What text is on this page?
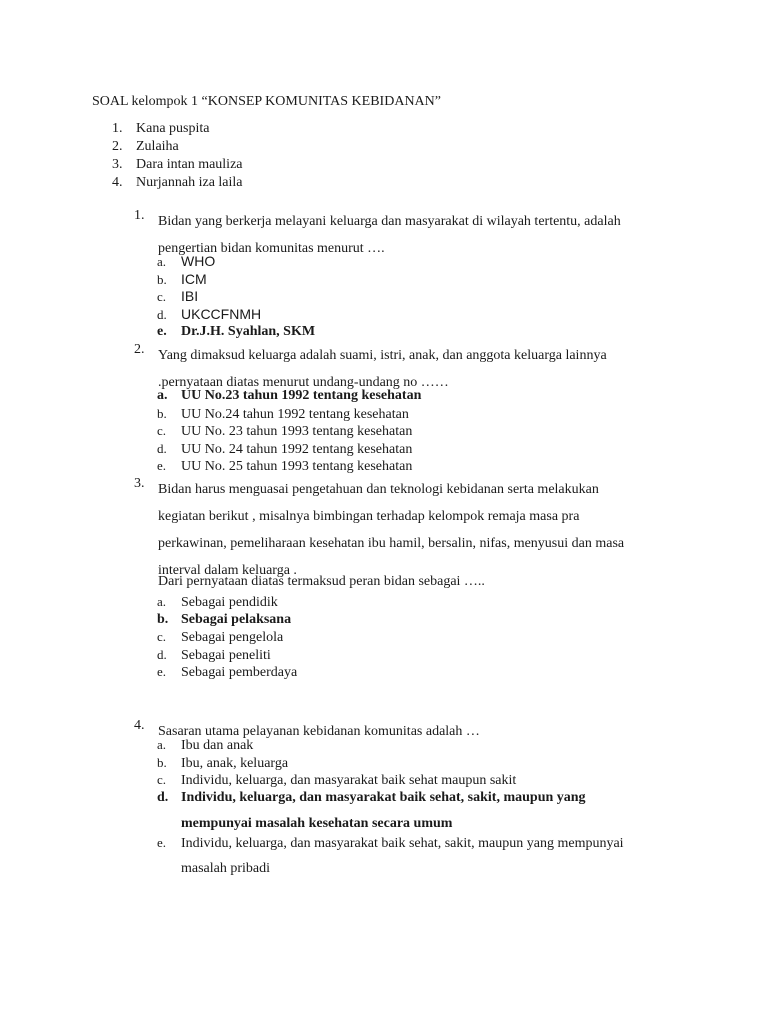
SOAL kelompok 1 “KONSEP KOMUNITAS KEBIDANAN”
1. Kana puspita
2. Zulaiha
3. Dara intan mauliza
4. Nurjannah iza laila
1. Bidan yang berkerja melayani keluarga dan masyarakat di wilayah tertentu, adalah
pengertian bidan komunitas menurut ….
a. WHO
b. ICM
c. IBI
d. UKCCFNMH
e. Dr.J.H. Syahlan, SKM
2. Yang dimaksud keluarga adalah suami, istri, anak, dan anggota keluarga lainnya
.pernyataan diatas menurut undang-undang no ……
a. UU No.23 tahun 1992 tentang kesehatan
b. UU No.24 tahun 1992 tentang kesehatan
c. UU No. 23 tahun 1993 tentang kesehatan
d. UU No. 24 tahun 1992 tentang kesehatan
e. UU No. 25 tahun 1993 tentang kesehatan
3. Bidan harus menguasai pengetahuan dan teknologi kebidanan serta melakukan
kegiatan berikut , misalnya bimbingan terhadap kelompok remaja masa pra
perkawinan, pemeliharaan kesehatan ibu hamil, bersalin, nifas, menyusui dan masa
interval dalam keluarga .
Dari pernyataan diatas termaksud peran bidan sebagai …..
a. Sebagai pendidik
b. Sebagai pelaksana
c. Sebagai pengelola
d. Sebagai peneliti
e. Sebagai pemberdaya
4. Sasaran utama pelayanan kebidanan komunitas adalah …
a. Ibu dan anak
b. Ibu, anak, keluarga
c. Individu, keluarga, dan masyarakat baik sehat maupun sakit
d. Individu, keluarga, dan masyarakat baik sehat, sakit, maupun yang
mempunyai masalah kesehatan secara umum
e. Individu, keluarga, dan masyarakat baik sehat, sakit, maupun yang mempunyai
masalah pribadi
